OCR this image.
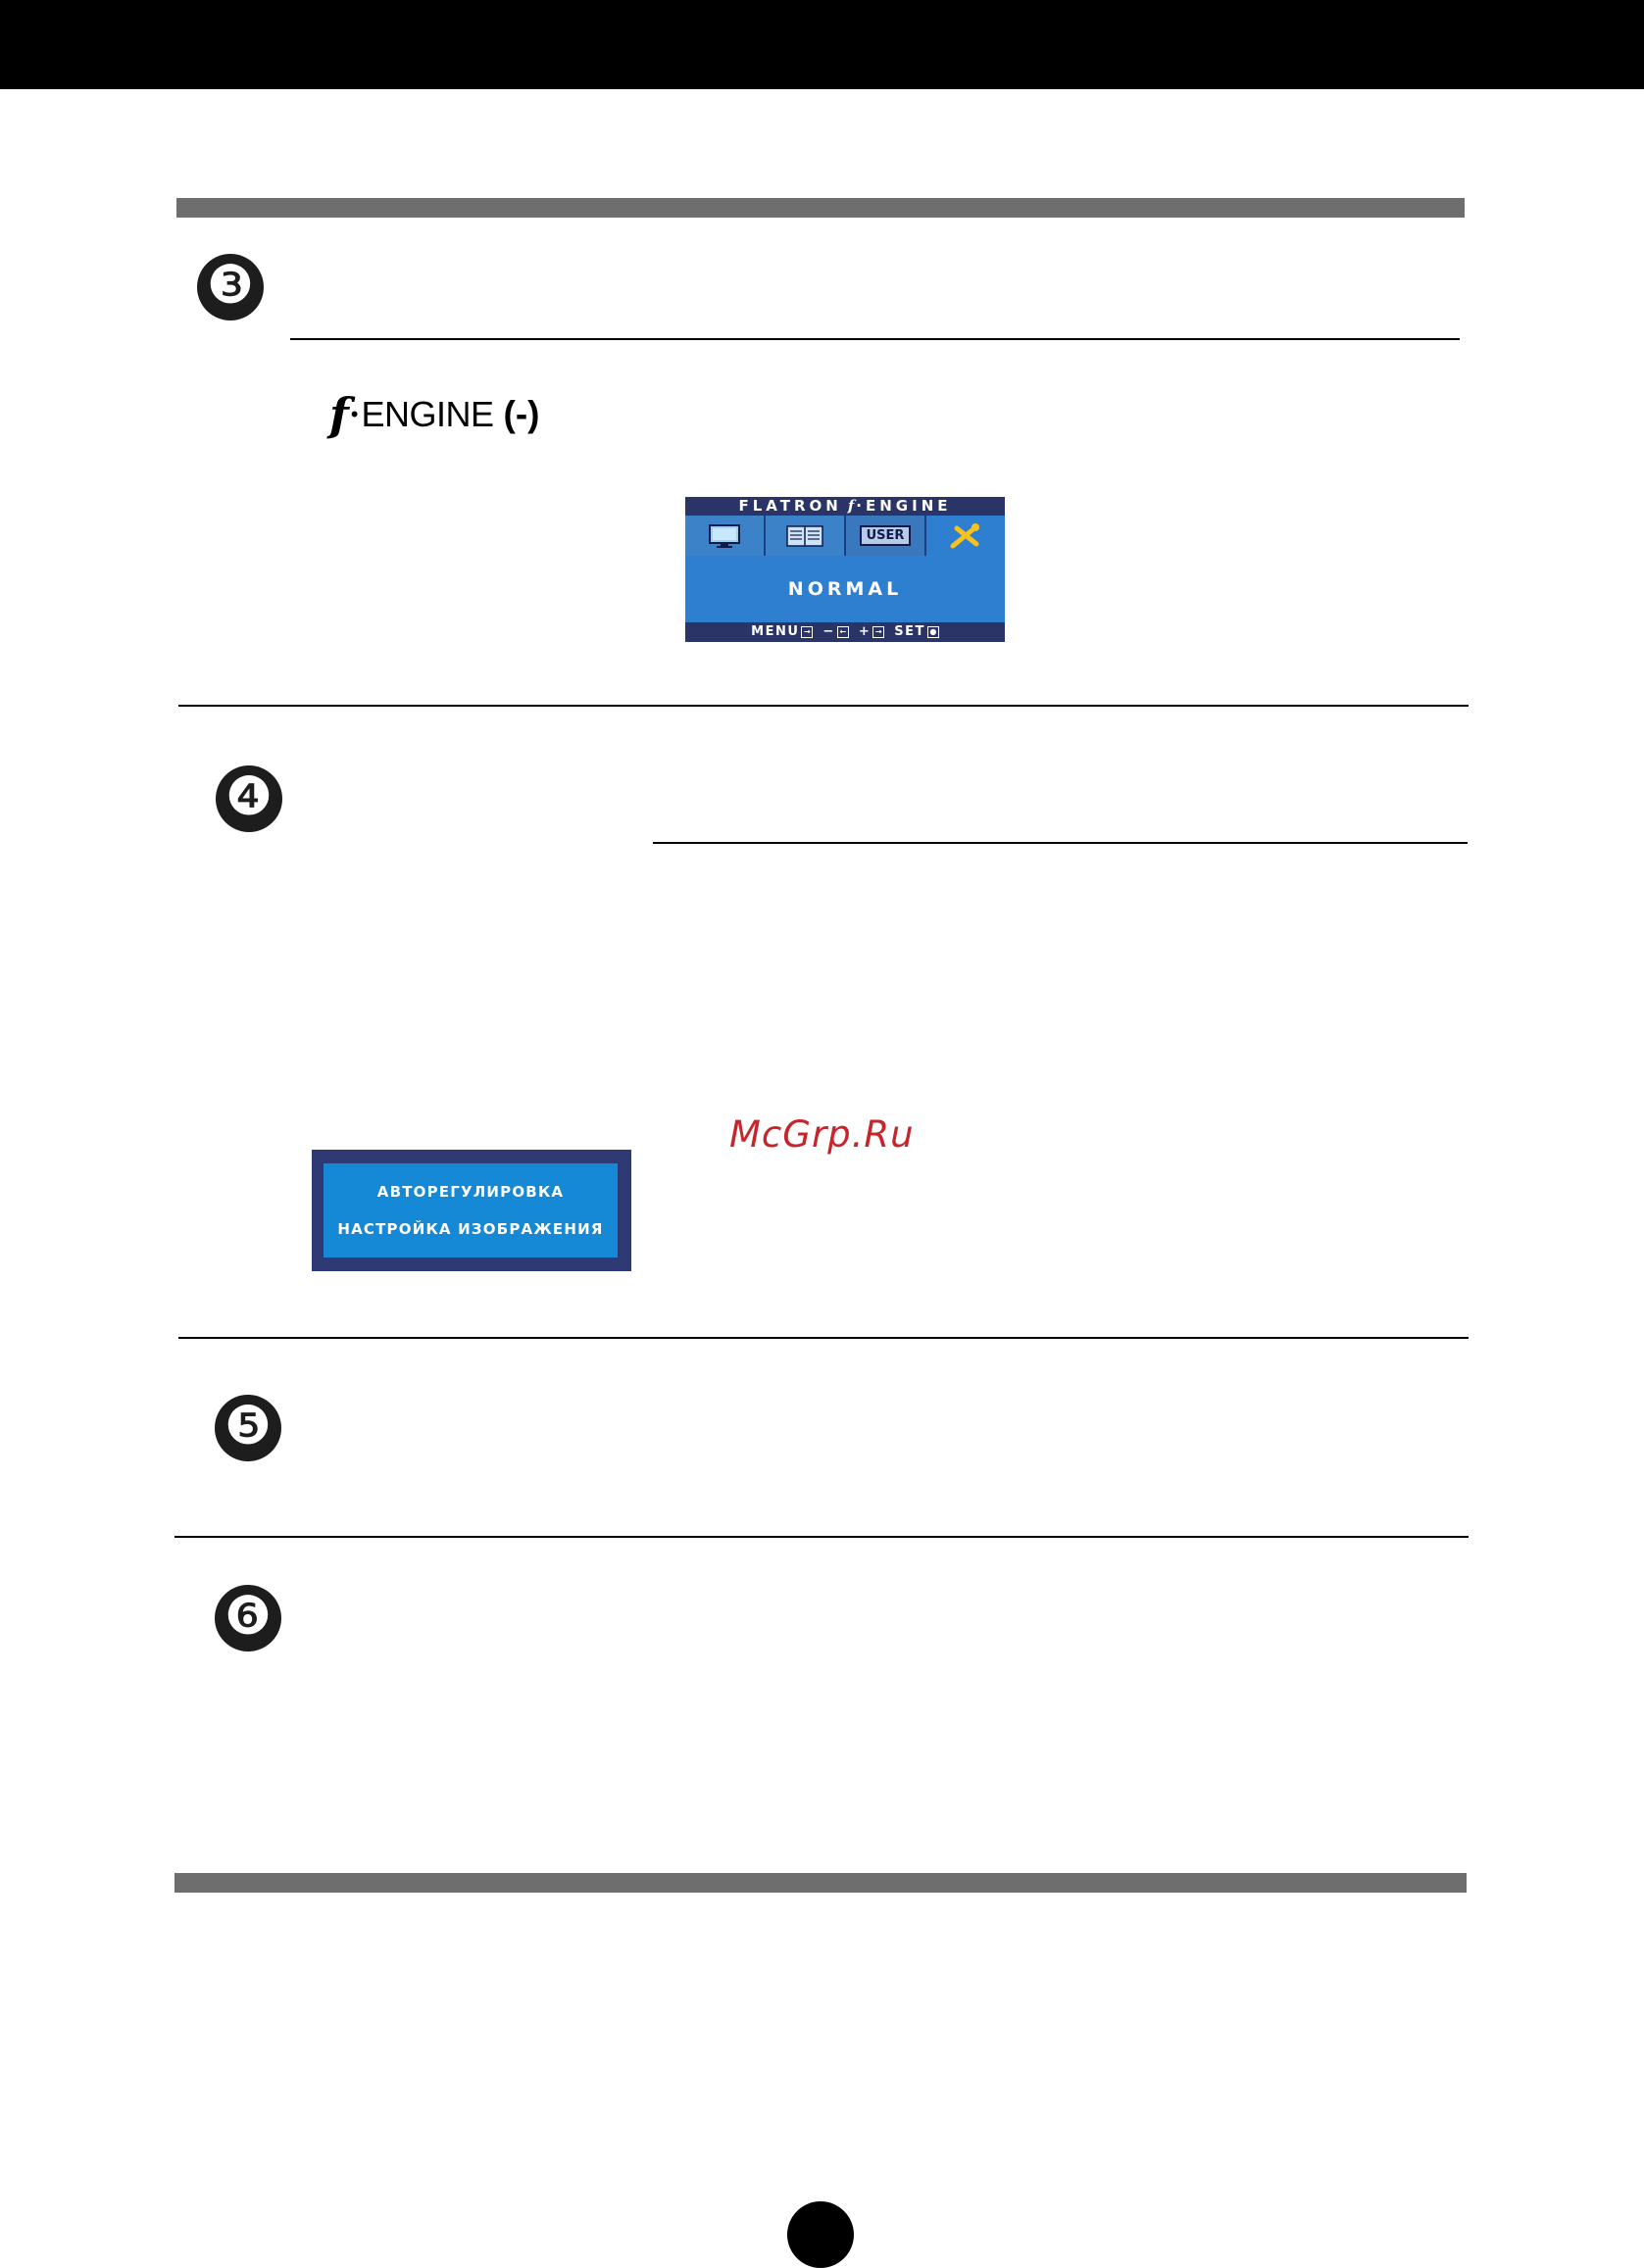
❸
f • ENGINE (-)
FLATRON f ·ENGINE
USER
NORMAL
MENU → − ← + → SET ●
❹
McGrp.Ru
АВТОРЕГУЛИРОВКА
НАСТРОЙКА ИЗОБРАЖЕНИЯ
❺
❻
